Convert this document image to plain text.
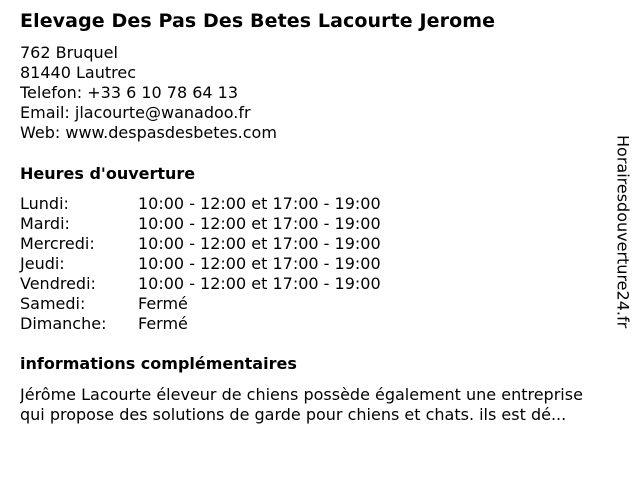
Elevage Des Pas Des Betes Lacourte Jerome
762 Bruquel
81440 Lautrec
Telefon: +33 6 10 78 64 13
Email: jlacourte@wanadoo.fr
Web: www.despasdesbetes.com
Heures d'ouverture
Lundi:	10:00 - 12:00 et 17:00 - 19:00
Mardi:	10:00 - 12:00 et 17:00 - 19:00
Mercredi:	10:00 - 12:00 et 17:00 - 19:00
Jeudi:	10:00 - 12:00 et 17:00 - 19:00
Vendredi:	10:00 - 12:00 et 17:00 - 19:00
Samedi:	Fermé
Dimanche:	Fermé
informations complémentaires
Jérôme Lacourte éleveur de chiens possède également une entreprise
qui propose des solutions de garde pour chiens et chats. ils est dé...
Horairesdouverture24.fr
